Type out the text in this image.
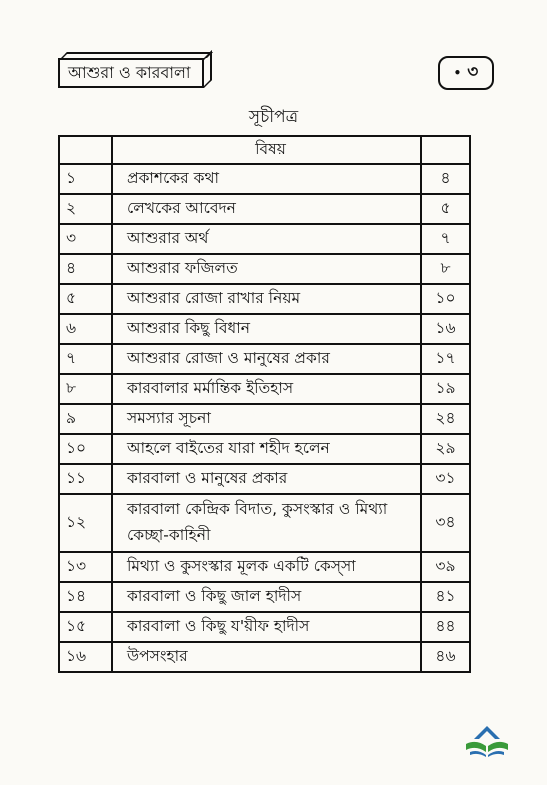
আশুরা ও কারবালা	• ৩
সূচীপত্র
	বিষয়	
১	প্রকাশকের কথা	৪
২	লেখকের আবেদন	৫
৩	আশুরার অর্থ	৭
৪	আশুরার ফজিলত	৮
৫	আশুরার রোজা রাখার নিয়ম	১০
৬	আশুরার কিছু বিধান	১৬
৭	আশুরার রোজা ও মানুষের প্রকার	১৭
৮	কারবালার মর্মান্তিক ইতিহাস	১৯
৯	সমস্যার সূচনা	২৪
১০	আহলে বাইতের যারা শহীদ হলেন	২৯
১১	কারবালা ও মানুষের প্রকার	৩১
১২	কারবালা কেন্দ্রিক বিদাত, কুসংস্কার ও মিথ্যা কেচ্ছা-কাহিনী	৩৪
১৩	মিথ্যা ও কুসংস্কার মূলক একটি কেস্সা	৩৯
১৪	কারবালা ও কিছু জাল হাদীস	৪১
১৫	কারবালা ও কিছু য'য়ীফ হাদীস	৪৪
১৬	উপসংহার	৪৬
